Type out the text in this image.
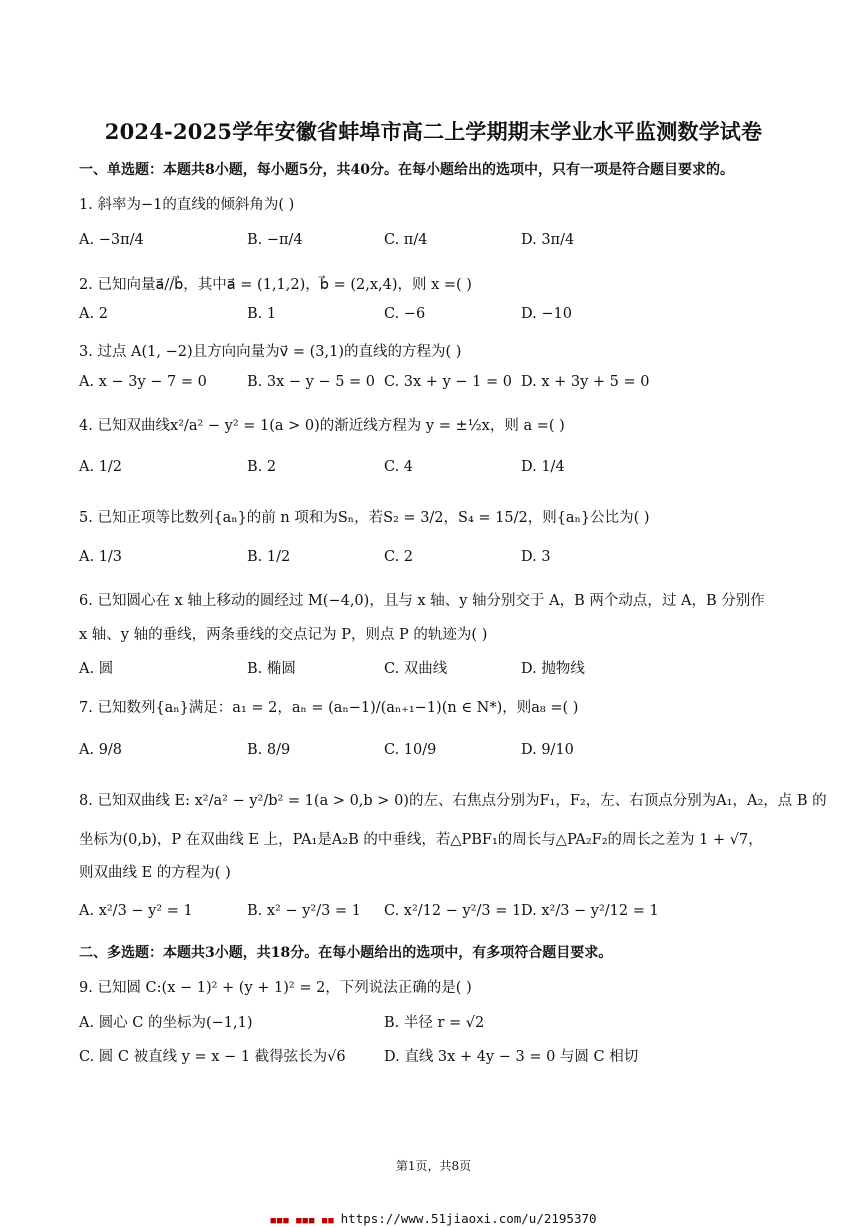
2024-2025学年安徽省蚌埠市高二上学期期末学业水平监测数学试卷
一、单选题：本题共8小题，每小题5分，共40分。在每小题给出的选项中，只有一项是符合题目要求的。
1. 斜率为−1的直线的倾斜角为( )
A. −3π/4	B. −π/4	C. π/4	D. 3π/4
2. 已知向量a⃗//b⃗，其中a⃗ = (1,1,2)，b⃗ = (2,x,4)，则 x =( )
A. 2	B. 1	C. −6	D. −10
3. 过点 A(1, −2)且方向向量为v⃗ = (3,1)的直线的方程为( )
A. x − 3y − 7 = 0	B. 3x − y − 5 = 0 C. 3x + y − 1 = 0 D. x + 3y + 5 = 0
4. 已知双曲线x²/a² − y² = 1(a > 0)的渐近线方程为 y = ±½x，则 a =( )
A. 1/2	B. 2	C. 4	D. 1/4
5. 已知正项等比数列{aₙ}的前 n 项和为Sₙ，若S₂ = 3/2，S₄ = 15/2，则{aₙ}公比为( )
A. 1/3	B. 1/2	C. 2	D. 3
6. 已知圆心在 x 轴上移动的圆经过 M(−4,0)，且与 x 轴、y 轴分别交于 A，B 两个动点，过 A，B 分别作
x 轴、y 轴的垂线，两条垂线的交点记为 P，则点 P 的轨迹为( )
A. 圆	B. 椭圆	C. 双曲线	D. 抛物线
7. 已知数列{aₙ}满足：a₁ = 2，aₙ = (aₙ−1)/(aₙ₊₁−1)(n ∈ N*)，则a₈ =( )
A. 9/8	B. 8/9	C. 10/9	D. 9/10
8. 已知双曲线 E: x²/a² − y²/b² = 1(a > 0,b > 0)的左、右焦点分别为F₁，F₂，左、右顶点分别为A₁，A₂，点 B 的
坐标为(0,b)，P 在双曲线 E 上，PA₁是A₂B 的中垂线，若△PBF₁的周长与△PA₂F₂的周长之差为 1 + √7，
则双曲线 E 的方程为( )
A. x²/3 − y² = 1	B. x² − y²/3 = 1 C. x²/12 − y²/3 = 1 D. x²/3 − y²/12 = 1
二、多选题：本题共3小题，共18分。在每小题给出的选项中，有多项符合题目要求。
9. 已知圆 C:(x − 1)² + (y + 1)² = 2，下列说法正确的是( )
A. 圆心 C 的坐标为(−1,1)	B. 半径 r = √2
C. 圆 C 被直线 y = x − 1 截得弦长为√6	D. 直线 3x + 4y − 3 = 0 与圆 C 相切
第1页，共8页
■■■ ■■■ ■■ https://www.51jiaoxi.com/u/2195370
